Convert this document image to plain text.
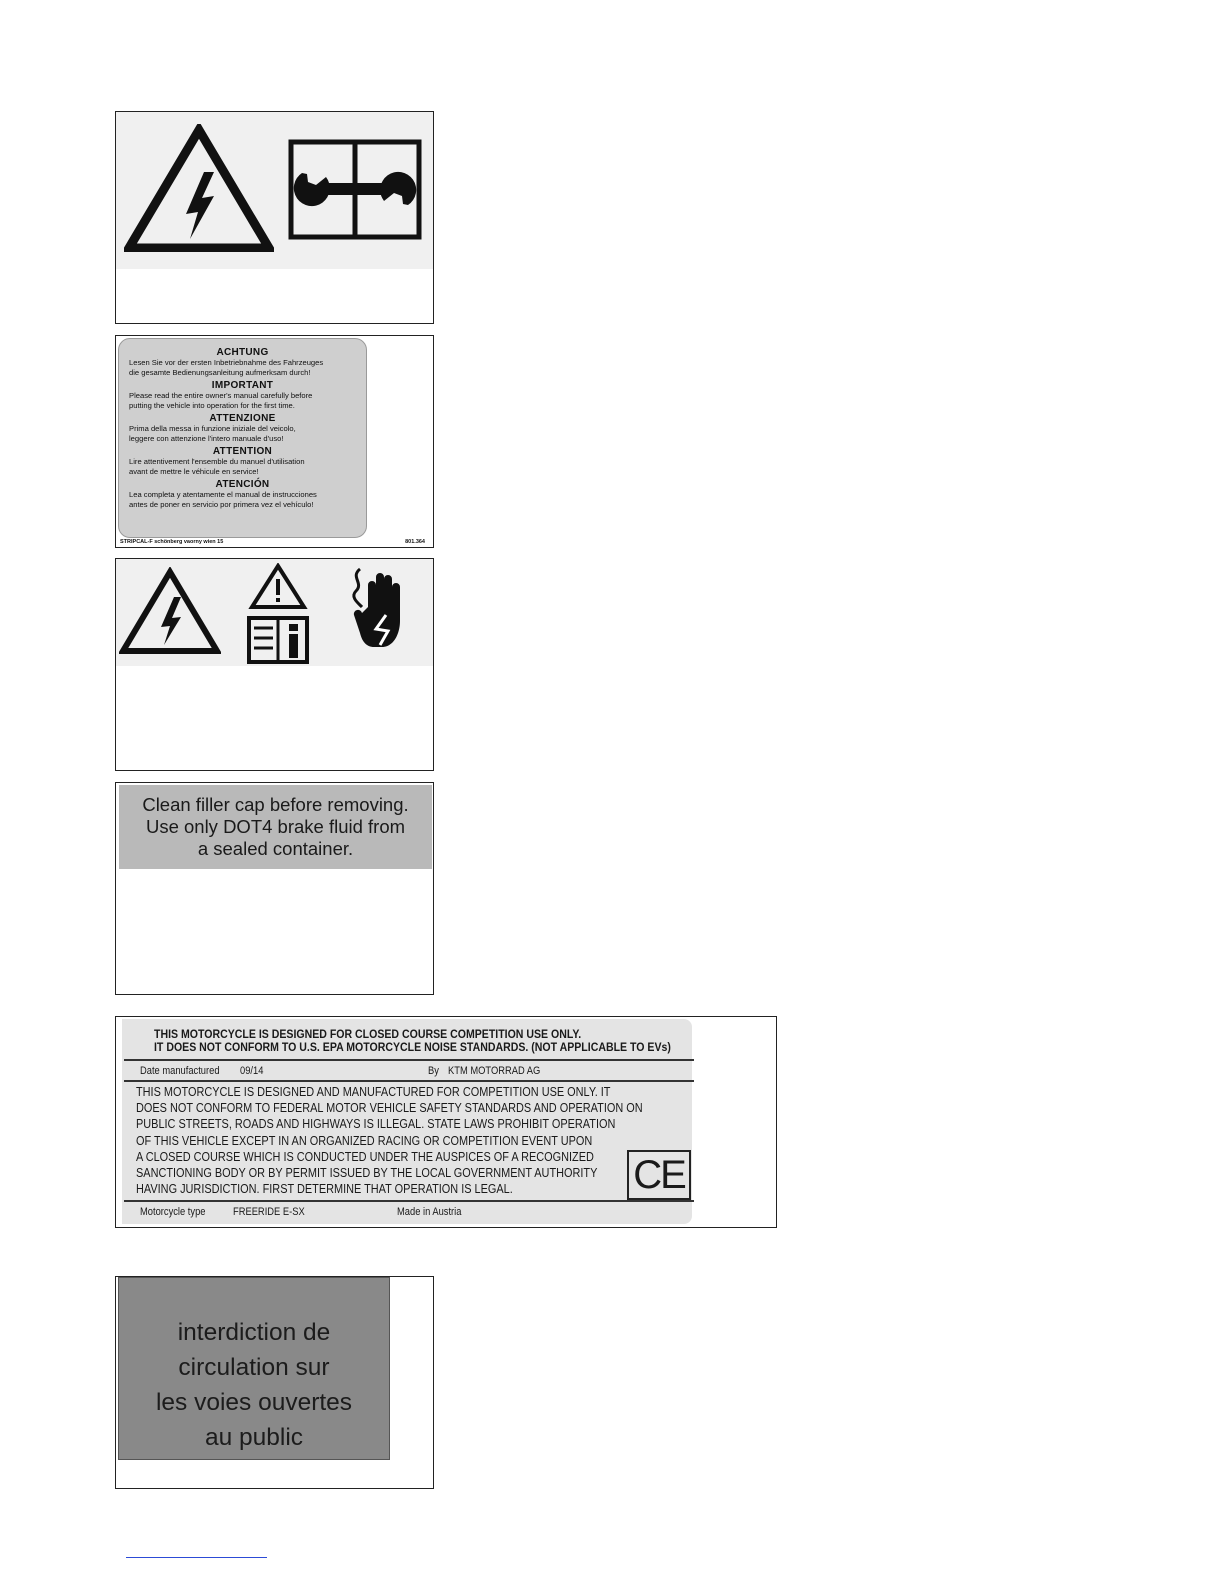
ACHTUNG
Lesen Sie vor der ersten Inbetriebnahme des Fahrzeuges
die gesamte Bedienungsanleitung aufmerksam durch!
IMPORTANT
Please read the entire owner's manual carefully before
putting the vehicle into operation for the first time.
ATTENZIONE
Prima della messa in funzione iniziale del veicolo,
leggere con attenzione l'intero manuale d'uso!
ATTENTION
Lire attentivement l'ensemble du manuel d'utilisation
avant de mettre le véhicule en service!
ATENCIÓN
Lea completa y atentamente el manual de instrucciones
antes de poner en servicio por primera vez el vehículo!
STRIPCAL-F schönberg vaorny wien 15	801.364
Clean filler cap before removing.
Use only DOT4 brake fluid from
a sealed container.
THIS MOTORCYCLE IS DESIGNED FOR CLOSED COURSE COMPETITION USE ONLY.
IT DOES NOT CONFORM TO U.S. EPA MOTORCYCLE NOISE STANDARDS. (NOT APPLICABLE TO EVs)
Date manufactured 09/14	By KTM MOTORRAD AG
THIS MOTORCYCLE IS DESIGNED AND MANUFACTURED FOR COMPETITION USE ONLY. IT
DOES NOT CONFORM TO FEDERAL MOTOR VEHICLE SAFETY STANDARDS AND OPERATION ON
PUBLIC STREETS, ROADS AND HIGHWAYS IS ILLEGAL. STATE LAWS PROHIBIT OPERATION
OF THIS VEHICLE EXCEPT IN AN ORGANIZED RACING OR COMPETITION EVENT UPON
A CLOSED COURSE WHICH IS CONDUCTED UNDER THE AUSPICES OF A RECOGNIZED
SANCTIONING BODY OR BY PERMIT ISSUED BY THE LOCAL GOVERNMENT AUTHORITY
HAVING JURISDICTION. FIRST DETERMINE THAT OPERATION IS LEGAL.	CE
Motorcycle type	FREERIDE E-SX	Made in Austria
interdiction de
circulation sur
les voies ouvertes
au public
